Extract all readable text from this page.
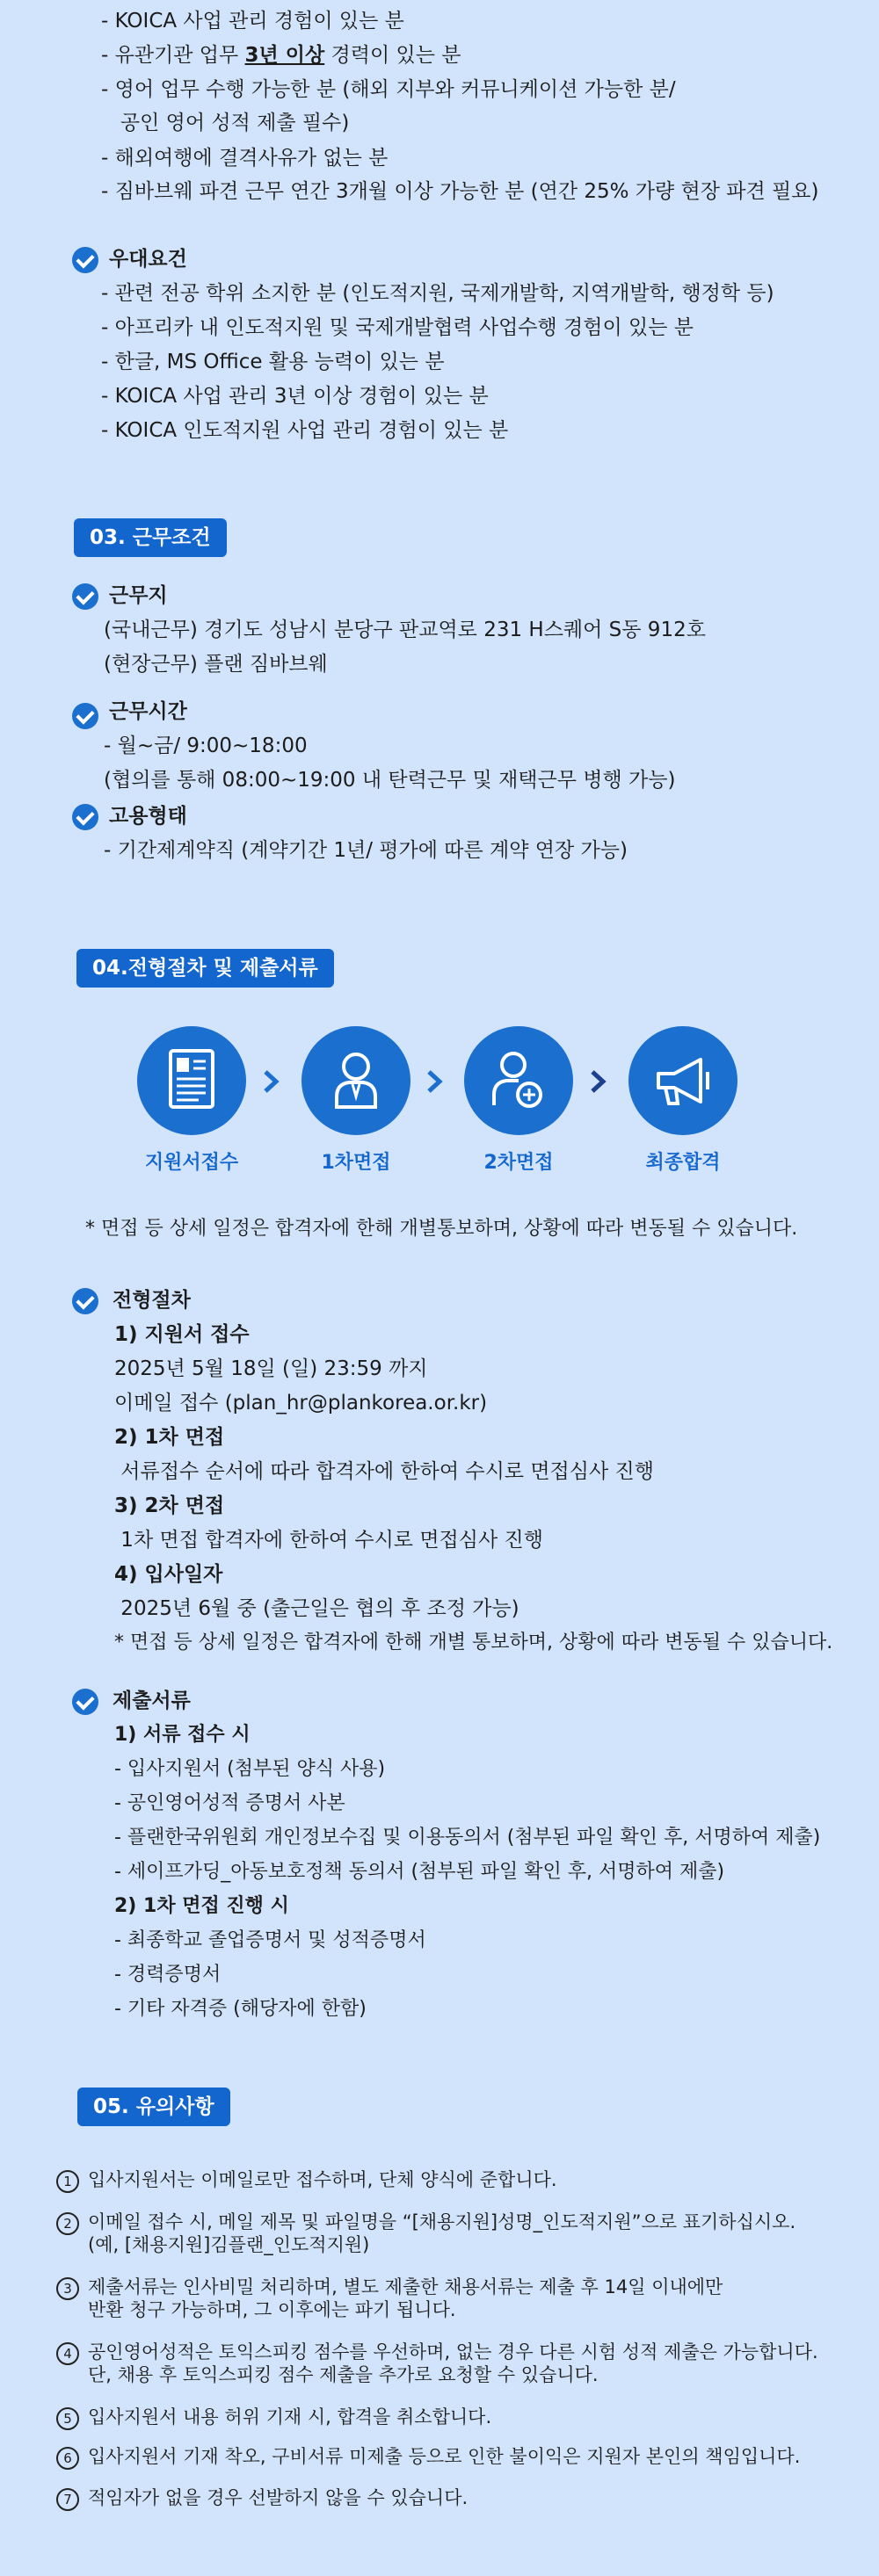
- KOICA 사업 관리 경험이 있는 분
- 유관기관 업무 3년 이상 경력이 있는 분
- 영어 업무 수행 가능한 분 (해외 지부와 커뮤니케이션 가능한 분/
공인 영어 성적 제출 필수)
- 해외여행에 결격사유가 없는 분
- 짐바브웨 파견 근무 연간 3개월 이상 가능한 분 (연간 25% 가량 현장 파견 필요)
우대요건
- 관련 전공 학위 소지한 분 (인도적지원, 국제개발학, 지역개발학, 행정학 등)
- 아프리카 내 인도적지원 및 국제개발협력 사업수행 경험이 있는 분
- 한글, MS Office 활용 능력이 있는 분
- KOICA 사업 관리 3년 이상 경험이 있는 분
- KOICA 인도적지원 사업 관리 경험이 있는 분
03. 근무조건
근무지
(국내근무) 경기도 성남시 분당구 판교역로 231 H스퀘어 S동 912호
(현장근무) 플랜 짐바브웨
근무시간
- 월~금/ 9:00~18:00
(협의를 통해 08:00~19:00 내 탄력근무 및 재택근무 병행 가능)
고용형태
- 기간제계약직 (계약기간 1년/ 평가에 따른 계약 연장 가능)
04.전형절차 및 제출서류
지원서접수	1차면접	2차면접	최종합격
* 면접 등 상세 일정은 합격자에 한해 개별통보하며, 상황에 따라 변동될 수 있습니다.
전형절차
1) 지원서 접수
2025년 5월 18일 (일) 23:59 까지
이메일 접수 (plan_hr@plankorea.or.kr)
2) 1차 면접
서류접수 순서에 따라 합격자에 한하여 수시로 면접심사 진행
3) 2차 면접
1차 면접 합격자에 한하여 수시로 면접심사 진행
4) 입사일자
2025년 6월 중 (출근일은 협의 후 조정 가능)
* 면접 등 상세 일정은 합격자에 한해 개별 통보하며, 상황에 따라 변동될 수 있습니다.
제출서류
1) 서류 접수 시
- 입사지원서 (첨부된 양식 사용)
- 공인영어성적 증명서 사본
- 플랜한국위원회 개인정보수집 및 이용동의서 (첨부된 파일 확인 후, 서명하여 제출)
- 세이프가딩_아동보호정책 동의서 (첨부된 파일 확인 후, 서명하여 제출)
2) 1차 면접 진행 시
- 최종학교 졸업증명서 및 성적증명서
- 경력증명서
- 기타 자격증 (해당자에 한함)
05. 유의사항
1 입사지원서는 이메일로만 접수하며, 단체 양식에 준합니다.
2 이메일 접수 시, 메일 제목 및 파일명을 “[채용지원]성명_인도적지원”으로 표기하십시오.
(예, [채용지원]김플랜_인도적지원)
3 제출서류는 인사비밀 처리하며, 별도 제출한 채용서류는 제출 후 14일 이내에만
반환 청구 가능하며, 그 이후에는 파기 됩니다.
4 공인영어성적은 토익스피킹 점수를 우선하며, 없는 경우 다른 시험 성적 제출은 가능합니다.
단, 채용 후 토익스피킹 점수 제출을 추가로 요청할 수 있습니다.
5 입사지원서 내용 허위 기재 시, 합격을 취소합니다.
6 입사지원서 기재 착오, 구비서류 미제출 등으로 인한 불이익은 지원자 본인의 책임입니다.
7 적임자가 없을 경우 선발하지 않을 수 있습니다.
